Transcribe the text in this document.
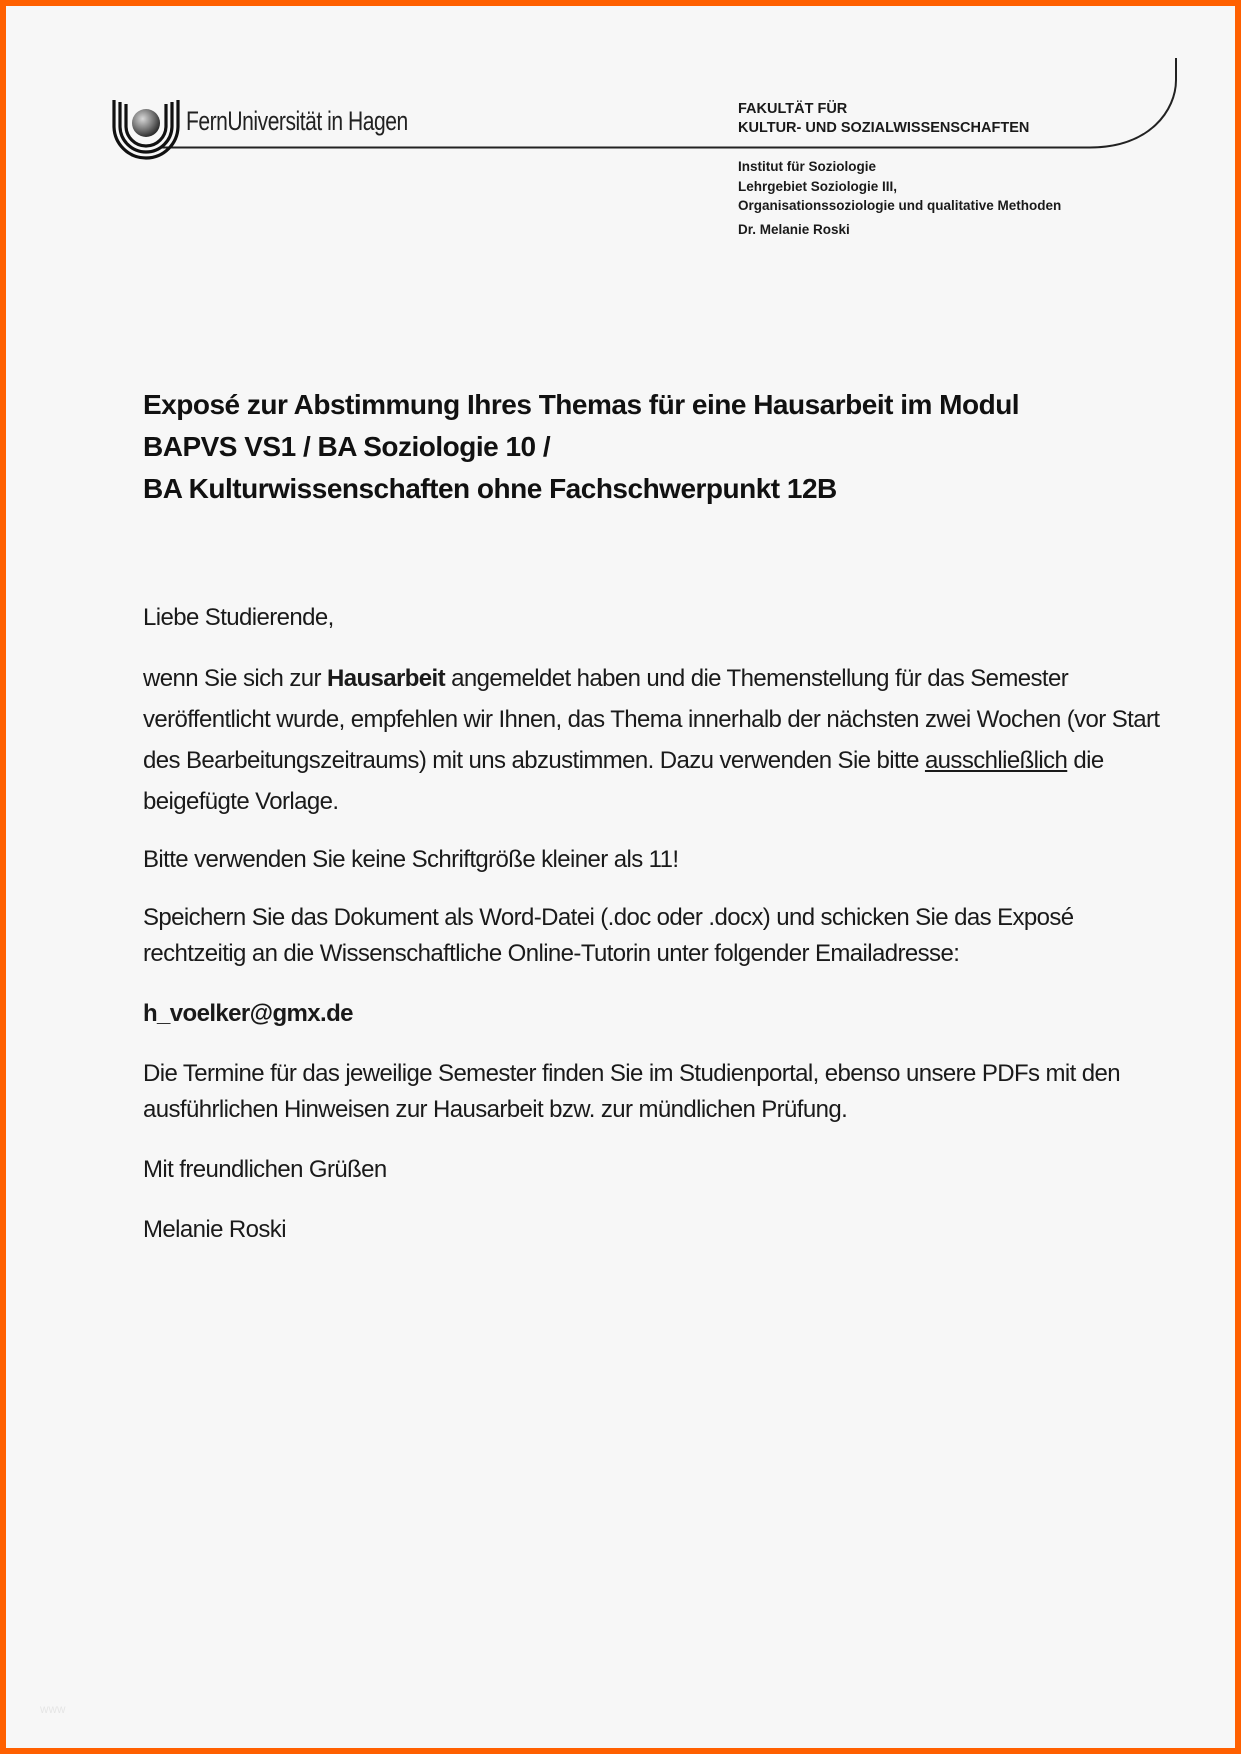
FernUniversität in Hagen	FAKULTÄT FÜR
KULTUR- UND SOZIALWISSENSCHAFTEN
Institut für Soziologie
Lehrgebiet Soziologie III,
Organisationssoziologie und qualitative Methoden
Dr. Melanie Roski
Exposé zur Abstimmung Ihres Themas für eine Hausarbeit im Modul
BAPVS VS1 / BA Soziologie 10 /
BA Kulturwissenschaften ohne Fachschwerpunkt 12B

Liebe Studierende,

wenn Sie sich zur Hausarbeit angemeldet haben und die Themenstellung für das Semester veröffentlicht wurde, empfehlen wir Ihnen, das Thema innerhalb der nächsten zwei Wochen (vor Start des Bearbeitungszeitraums) mit uns abzustimmen. Dazu verwenden Sie bitte ausschließlich die beigefügte Vorlage.

Bitte verwenden Sie keine Schriftgröße kleiner als 11!

Speichern Sie das Dokument als Word-Datei (.doc oder .docx) und schicken Sie das Exposé rechtzeitig an die Wissenschaftliche Online-Tutorin unter folgender Emailadresse:

h_voelker@gmx.de

Die Termine für das jeweilige Semester finden Sie im Studienportal, ebenso unsere PDFs mit den ausführlichen Hinweisen zur Hausarbeit bzw. zur mündlichen Prüfung.

Mit freundlichen Grüßen

Melanie Roski

WWW
